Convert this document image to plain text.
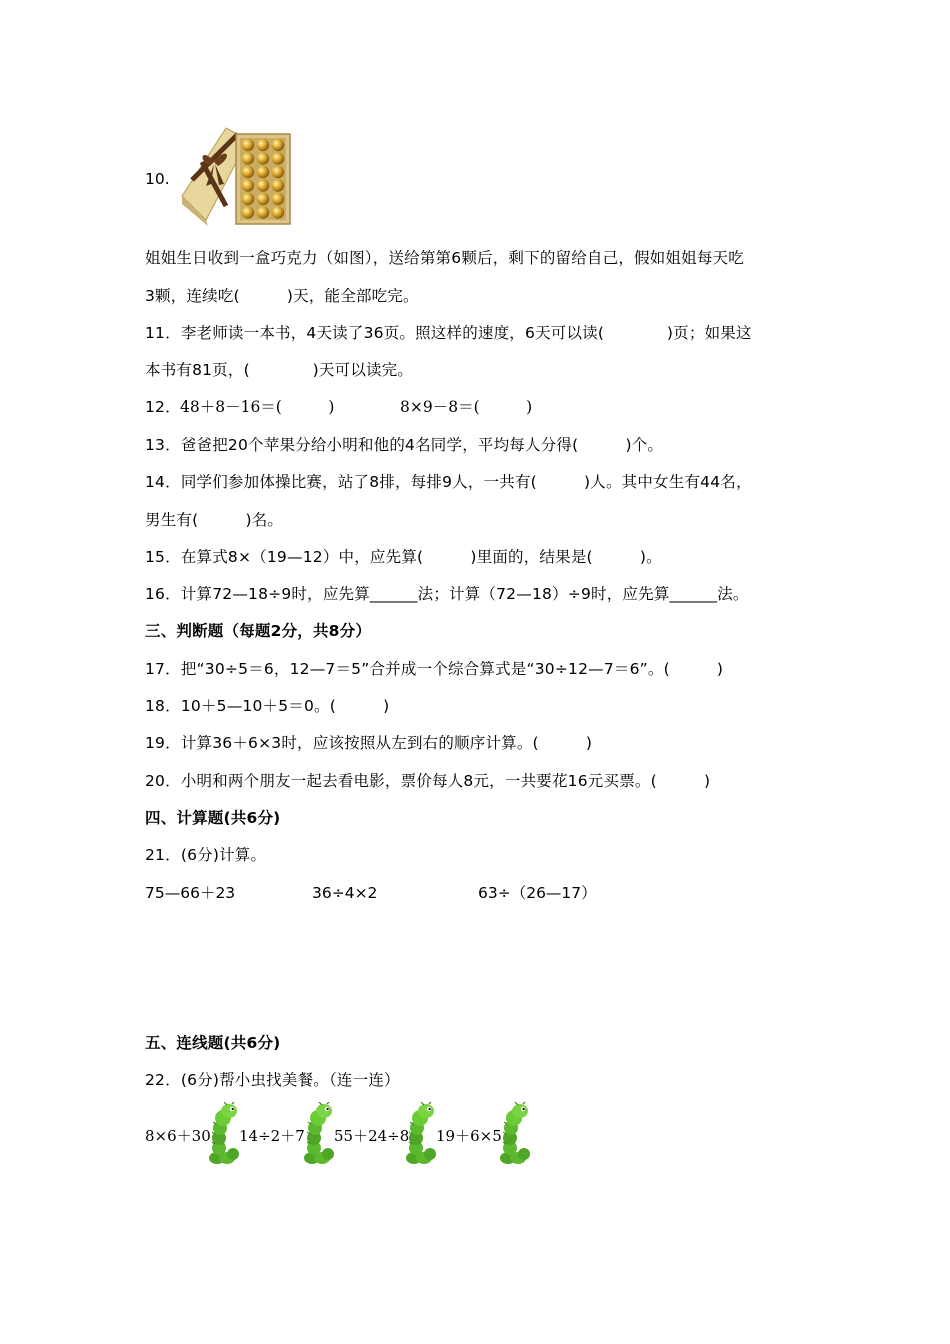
10.
姐姐生日收到一盒巧克力（如图），送给第第6颗后，剩下的留给自己，假如姐姐每天吃
3颗，连续吃(　　　)天，能全部吃完。
11．李老师读一本书，4天读了36页。照这样的速度，6天可以读(　　　　)页；如果这
本书有81页，(　　　　)天可以读完。
12． 48＋8－16＝(　　　)	8×9－8＝(　　　)
13．爸爸把20个苹果分给小明和他的4名同学，平均每人分得(　　　)个。
14．同学们参加体操比赛，站了8排，每排9人，一共有(　　　)人。其中女生有44名，
男生有(　　　)名。
15．在算式8×（19—12）中，应先算(　　　)里面的，结果是(　　　)。
16．计算72—18÷9时，应先算______法；计算（72—18）÷9时，应先算______法。
三、判断题（每题2分，共8分）
17．把“30÷5＝6，12—7＝5”合并成一个综合算式是“30÷12—7＝6”。(　　　)
18．10＋5—10＋5＝0。(　　　)
19．计算36＋6×3时，应该按照从左到右的顺序计算。(　　　)
20．小明和两个朋友一起去看电影，票价每人8元，一共要花16元买票。(　　　)
四、计算题(共6分)
21．(6分)计算。
75—66＋23	36÷4×2	63÷（26—17）
五、连线题(共6分)
22．(6分)帮小虫找美餐。（连一连）
8×6＋30 14÷2＋7 55＋24÷8 19＋6×5
